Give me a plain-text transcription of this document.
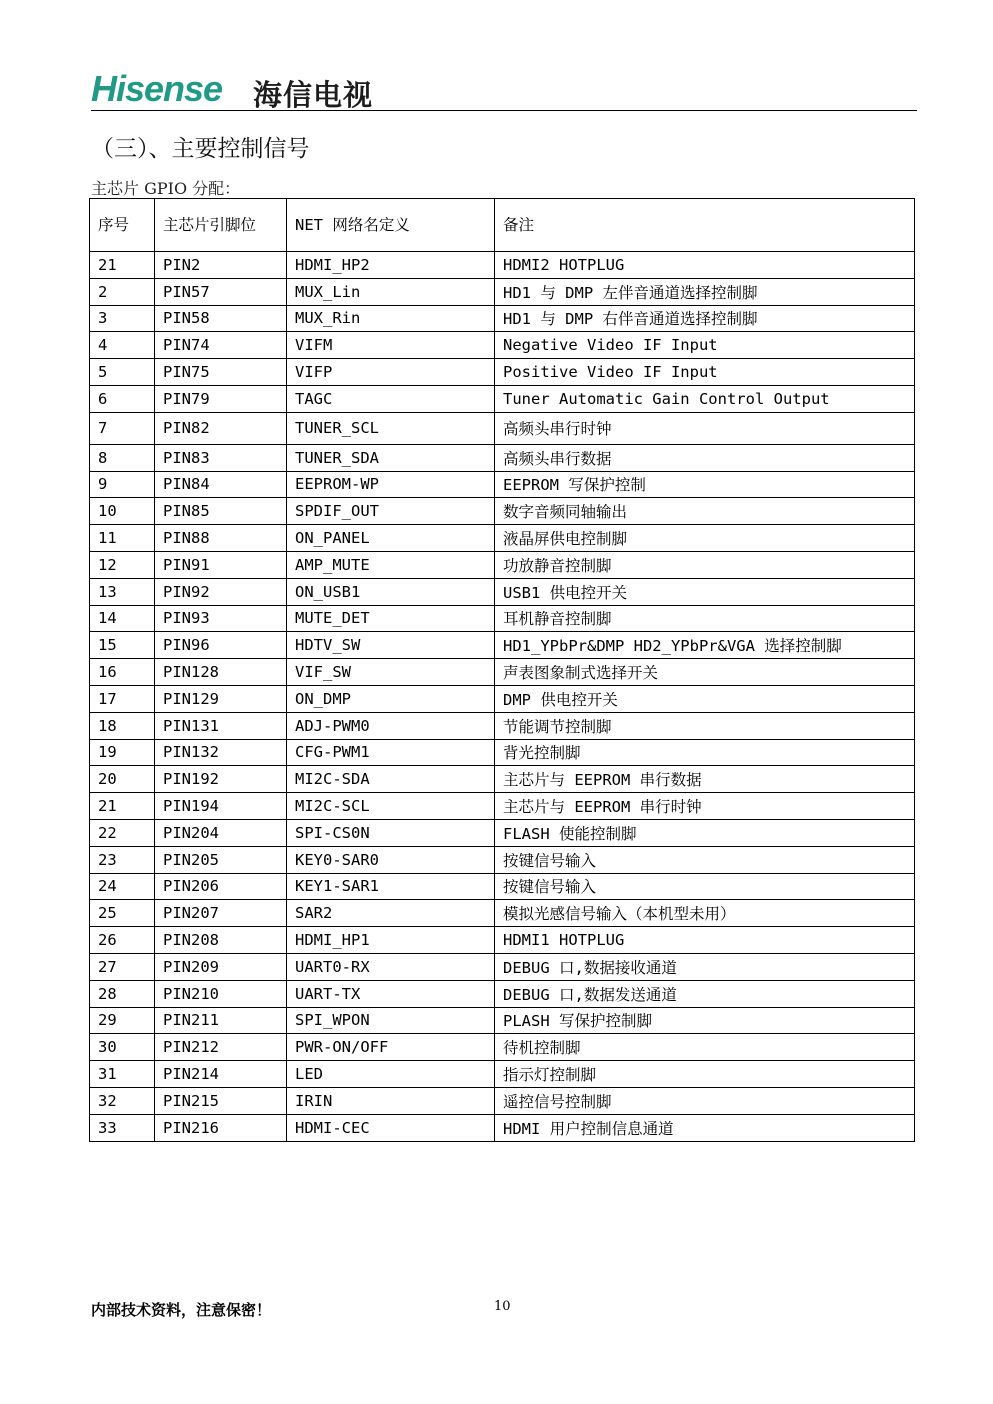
Hisense 海信电视
（三）、主要控制信号
主芯片 GPIO 分配：
序号	主芯片引脚位	NET 网络名定义	备注
21	PIN2	HDMI_HP2	HDMI2 HOTPLUG
2	PIN57	MUX_Lin	HD1 与 DMP 左伴音通道选择控制脚
3	PIN58	MUX_Rin	HD1 与 DMP 右伴音通道选择控制脚
4	PIN74	VIFM	Negative Video IF Input
5	PIN75	VIFP	Positive Video IF Input
6	PIN79	TAGC	Tuner Automatic Gain Control Output
7	PIN82	TUNER_SCL	高频头串行时钟
8	PIN83	TUNER_SDA	高频头串行数据
9	PIN84	EEPROM-WP	EEPROM 写保护控制
10	PIN85	SPDIF_OUT	数字音频同轴输出
11	PIN88	ON_PANEL	液晶屏供电控制脚
12	PIN91	AMP_MUTE	功放静音控制脚
13	PIN92	ON_USB1	USB1 供电控开关
14	PIN93	MUTE_DET	耳机静音控制脚
15	PIN96	HDTV_SW	HD1_YPbPr&DMP HD2_YPbPr&VGA 选择控制脚
16	PIN128	VIF_SW	声表图象制式选择开关
17	PIN129	ON_DMP	DMP 供电控开关
18	PIN131	ADJ-PWM0	节能调节控制脚
19	PIN132	CFG-PWM1	背光控制脚
20	PIN192	MI2C-SDA	主芯片与 EEPROM 串行数据
21	PIN194	MI2C-SCL	主芯片与 EEPROM 串行时钟
22	PIN204	SPI-CS0N	FLASH 使能控制脚
23	PIN205	KEY0-SAR0	按键信号输入
24	PIN206	KEY1-SAR1	按键信号输入
25	PIN207	SAR2	模拟光感信号输入（本机型未用）
26	PIN208	HDMI_HP1	HDMI1 HOTPLUG
27	PIN209	UART0-RX	DEBUG 口,数据接收通道
28	PIN210	UART-TX	DEBUG 口,数据发送通道
29	PIN211	SPI_WPON	PLASH 写保护控制脚
30	PIN212	PWR-ON/OFF	待机控制脚
31	PIN214	LED	指示灯控制脚
32	PIN215	IRIN	遥控信号控制脚
33	PIN216	HDMI-CEC	HDMI 用户控制信息通道
内部技术资料，注意保密！	10
